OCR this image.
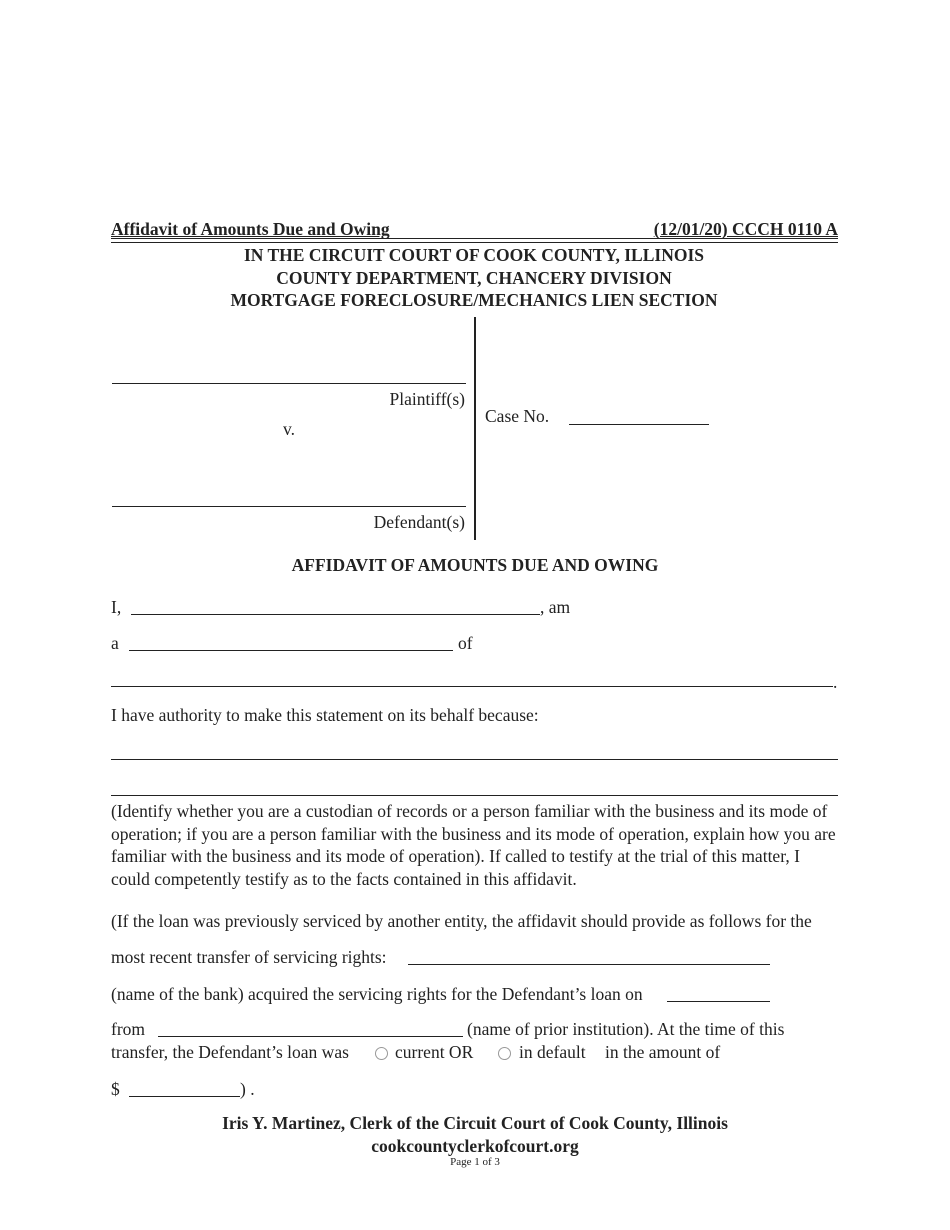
Affidavit of Amounts Due and Owing	(12/01/20) CCCH 0110 A
IN THE CIRCUIT COURT OF COOK COUNTY, ILLINOIS
COUNTY DEPARTMENT, CHANCERY DIVISION
MORTGAGE FORECLOSURE/MECHANICS LIEN SECTION
Plaintiff(s)
v.
Defendant(s)
Case No.
AFFIDAVIT OF AMOUNTS DUE AND OWING
I,	, am
a	of
.
I have authority to make this statement on its behalf because:
(Identify whether you are a custodian of records or a person familiar with the business and its mode of operation; if you are a person familiar with the business and its mode of operation, explain how you are familiar with the business and its mode of operation). If called to testify at the trial of this matter, I could competently testify as to the facts contained in this affidavit.
(If the loan was previously serviced by another entity, the affidavit should provide as follows for the
most recent transfer of servicing rights:
(name of the bank) acquired the servicing rights for the Defendant’s loan on
from	(name of prior institution). At the time of this
transfer, the Defendant’s loan was	current OR	in default in the amount of
$	) .
Iris Y. Martinez, Clerk of the Circuit Court of Cook County, Illinois
cookcountyclerkofcourt.org
Page 1 of 3
